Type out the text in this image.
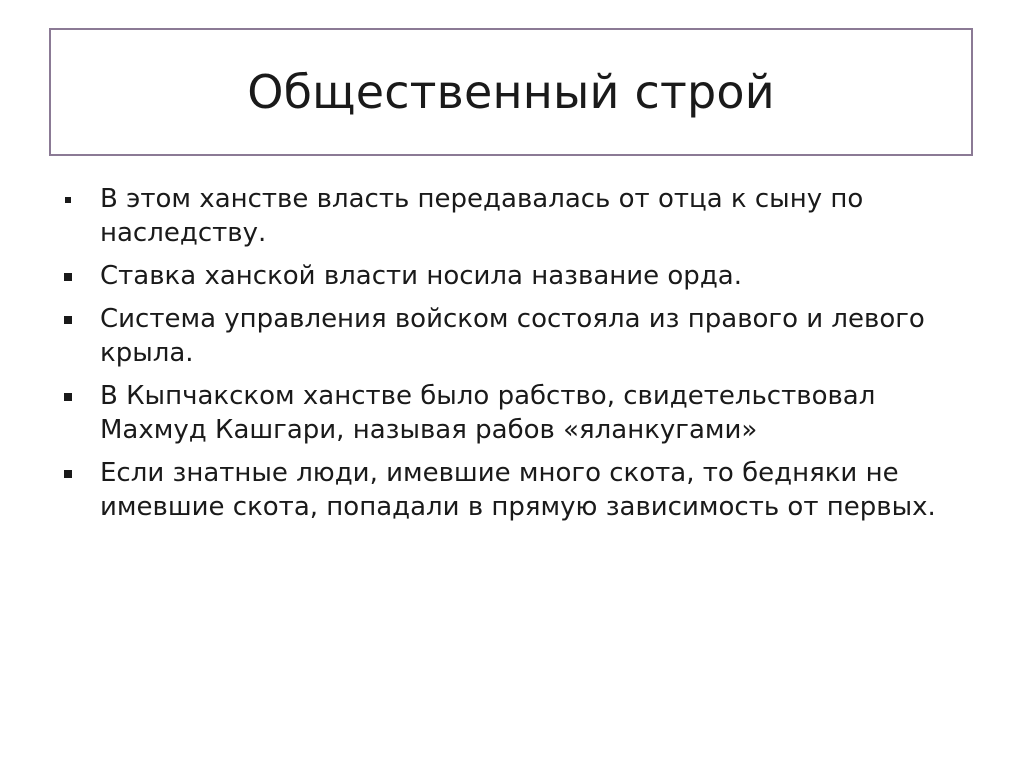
Общественный строй
В этом ханстве власть передавалась от отца к сыну по наследству.
Ставка ханской власти носила название орда.
Система управления войском состояла из правого и левого крыла.
В Кыпчакском ханстве было рабство, свидетельствовал Махмуд Кашгари, называя рабов «яланкугами»
Если знатные люди, имевшие много скота, то бедняки не имевшие скота, попадали в прямую зависимость от первых.
